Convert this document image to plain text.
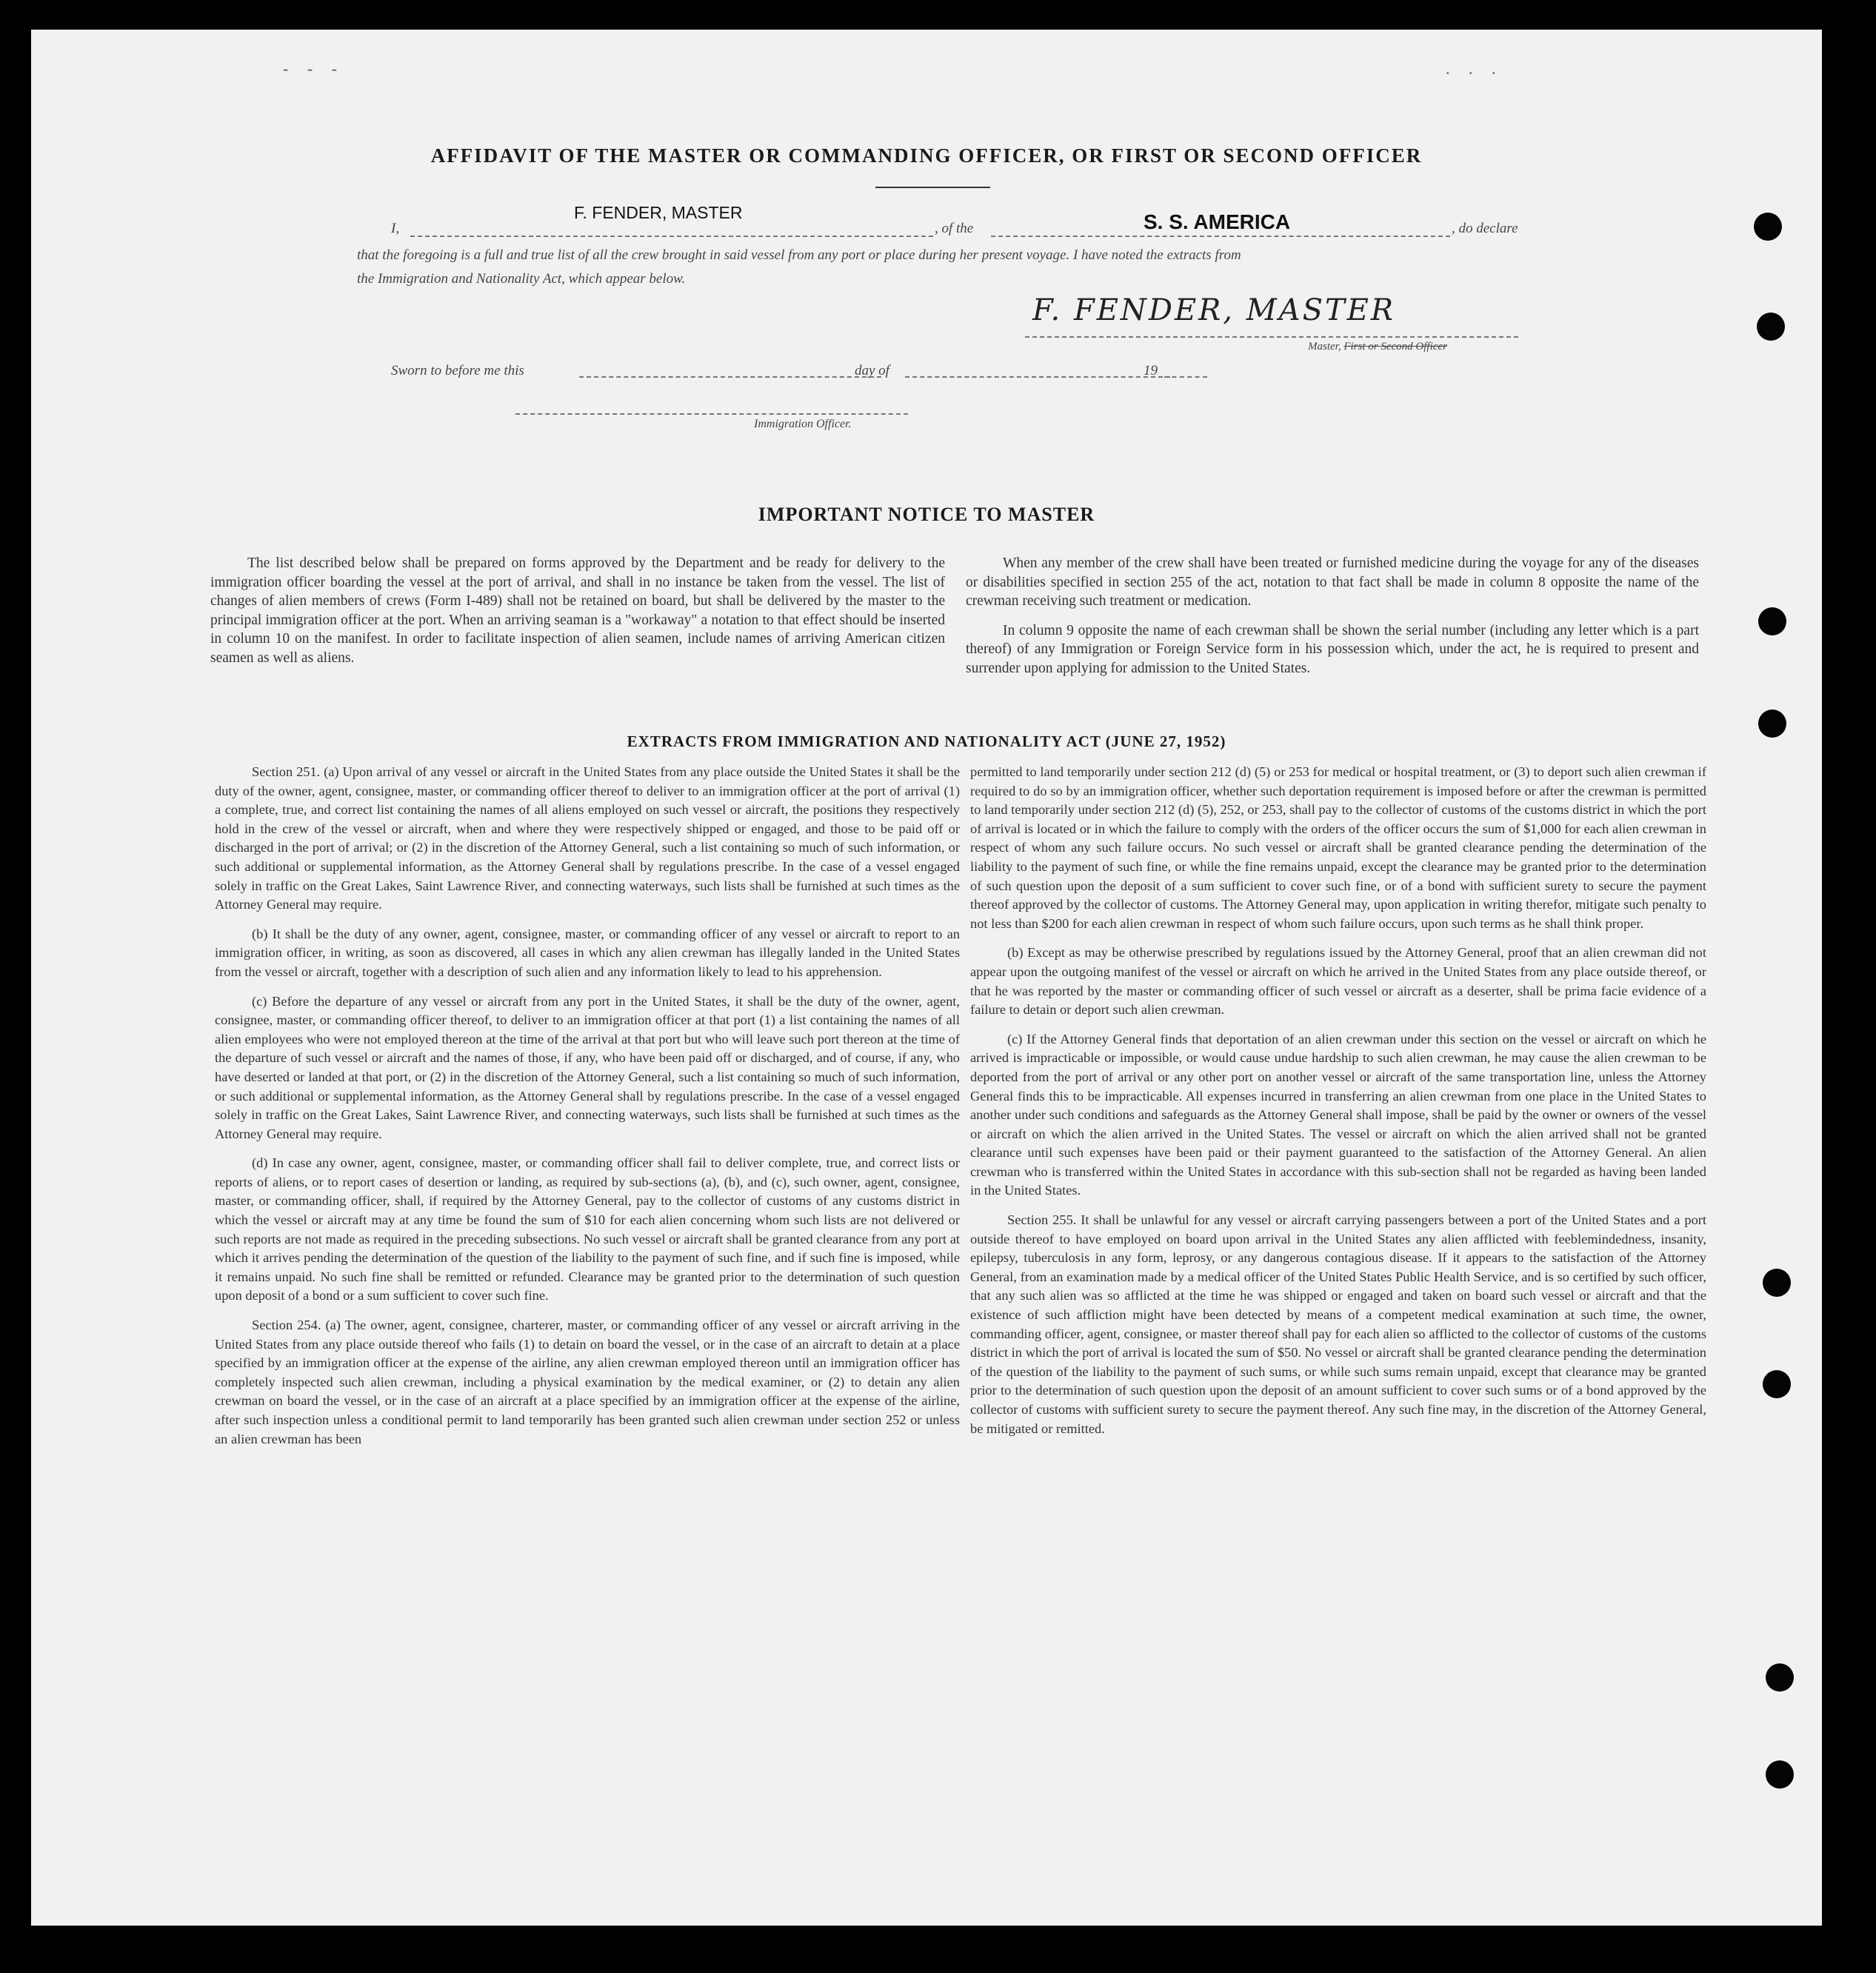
- - -	. . .
AFFIDAVIT OF THE MASTER OR COMMANDING OFFICER, OR FIRST OR SECOND OFFICER
I,
F. FENDER, MASTER
, of the	S. S. AMERICA	, do declare
that the foregoing is a full and true list of all the crew brought in said vessel from any port or place during her present voyage. I have noted the extracts from
the Immigration and Nationality Act, which appear below.
F. FENDER, MASTER
Master, First or Second Officer
Sworn to before me this	day of	19
Immigration Officer.
IMPORTANT NOTICE TO MASTER

The list described below shall be prepared on forms approved by the Department and be ready for delivery to the immigration officer boarding the vessel at the port of arrival, and shall in no instance be taken from the vessel. The list of changes of alien members of crews (Form I-489) shall not be retained on board, but shall be delivered by the master to the principal immigration officer at the port. When an arriving seaman is a "workaway" a notation to that effect should be inserted in column 10 on the manifest. In order to facilitate inspection of alien seamen, include names of arriving American citizen seamen as well as aliens.

When any member of the crew shall have been treated or furnished medicine during the voyage for any of the diseases or disabilities specified in section 255 of the act, notation to that fact shall be made in column 8 opposite the name of the crewman receiving such treatment or medication.

In column 9 opposite the name of each crewman shall be shown the serial number (including any letter which is a part thereof) of any Immigration or Foreign Service form in his possession which, under the act, he is required to present and surrender upon applying for admission to the United States.

EXTRACTS FROM IMMIGRATION AND NATIONALITY ACT (JUNE 27, 1952)

Section 251. (a) Upon arrival of any vessel or aircraft in the United States from any place outside the United States it shall be the duty of the owner, agent, consignee, master, or commanding officer thereof to deliver to an immigration officer at the port of arrival (1) a complete, true, and correct list containing the names of all aliens employed on such vessel or aircraft, the positions they respectively hold in the crew of the vessel or aircraft, when and where they were respectively shipped or engaged, and those to be paid off or discharged in the port of arrival; or (2) in the discretion of the Attorney General, such a list containing so much of such information, or such additional or supplemental information, as the Attorney General shall by regulations prescribe. In the case of a vessel engaged solely in traffic on the Great Lakes, Saint Lawrence River, and connecting waterways, such lists shall be furnished at such times as the Attorney General may require.

(b) It shall be the duty of any owner, agent, consignee, master, or commanding officer of any vessel or aircraft to report to an immigration officer, in writing, as soon as discovered, all cases in which any alien crewman has illegally landed in the United States from the vessel or aircraft, together with a description of such alien and any information likely to lead to his apprehension.

(c) Before the departure of any vessel or aircraft from any port in the United States, it shall be the duty of the owner, agent, consignee, master, or commanding officer thereof, to deliver to an immigration officer at that port (1) a list containing the names of all alien employees who were not employed thereon at the time of the arrival at that port but who will leave such port thereon at the time of the departure of such vessel or aircraft and the names of those, if any, who have been paid off or discharged, and of course, if any, who have deserted or landed at that port, or (2) in the discretion of the Attorney General, such a list containing so much of such information, or such additional or supplemental information, as the Attorney General shall by regulations prescribe. In the case of a vessel engaged solely in traffic on the Great Lakes, Saint Lawrence River, and connecting waterways, such lists shall be furnished at such times as the Attorney General may require.

(d) In case any owner, agent, consignee, master, or commanding officer shall fail to deliver complete, true, and correct lists or reports of aliens, or to report cases of desertion or landing, as required by sub-sections (a), (b), and (c), such owner, agent, consignee, master, or commanding officer, shall, if required by the Attorney General, pay to the collector of customs of any customs district in which the vessel or aircraft may at any time be found the sum of $10 for each alien concerning whom such lists are not delivered or such reports are not made as required in the preceding subsections. No such vessel or aircraft shall be granted clearance from any port at which it arrives pending the determination of the question of the liability to the payment of such fine, and if such fine is imposed, while it remains unpaid. No such fine shall be remitted or refunded. Clearance may be granted prior to the determination of such question upon deposit of a bond or a sum sufficient to cover such fine.

Section 254. (a) The owner, agent, consignee, charterer, master, or commanding officer of any vessel or aircraft arriving in the United States from any place outside thereof who fails (1) to detain on board the vessel, or in the case of an aircraft to detain at a place specified by an immigration officer at the expense of the airline, any alien crewman employed thereon until an immigration officer has completely inspected such alien crewman, including a physical examination by the medical examiner, or (2) to detain any alien crewman on board the vessel, or in the case of an aircraft at a place specified by an immigration officer at the expense of the airline, after such inspection unless a conditional permit to land temporarily has been granted such alien crewman under section 252 or unless an alien crewman has been

permitted to land temporarily under section 212 (d) (5) or 253 for medical or hospital treatment, or (3) to deport such alien crewman if required to do so by an immigration officer, whether such deportation requirement is imposed before or after the crewman is permitted to land temporarily under section 212 (d) (5), 252, or 253, shall pay to the collector of customs of the customs district in which the port of arrival is located or in which the failure to comply with the orders of the officer occurs the sum of $1,000 for each alien crewman in respect of whom any such failure occurs. No such vessel or aircraft shall be granted clearance pending the determination of the liability to the payment of such fine, or while the fine remains unpaid, except the clearance may be granted prior to the determination of such question upon the deposit of a sum sufficient to cover such fine, or of a bond with sufficient surety to secure the payment thereof approved by the collector of customs. The Attorney General may, upon application in writing therefor, mitigate such penalty to not less than $200 for each alien crewman in respect of whom such failure occurs, upon such terms as he shall think proper.

(b) Except as may be otherwise prescribed by regulations issued by the Attorney General, proof that an alien crewman did not appear upon the outgoing manifest of the vessel or aircraft on which he arrived in the United States from any place outside thereof, or that he was reported by the master or commanding officer of such vessel or aircraft as a deserter, shall be prima facie evidence of a failure to detain or deport such alien crewman.

(c) If the Attorney General finds that deportation of an alien crewman under this section on the vessel or aircraft on which he arrived is impracticable or impossible, or would cause undue hardship to such alien crewman, he may cause the alien crewman to be deported from the port of arrival or any other port on another vessel or aircraft of the same transportation line, unless the Attorney General finds this to be impracticable. All expenses incurred in transferring an alien crewman from one place in the United States to another under such conditions and safeguards as the Attorney General shall impose, shall be paid by the owner or owners of the vessel or aircraft on which the alien arrived in the United States. The vessel or aircraft on which the alien arrived shall not be granted clearance until such expenses have been paid or their payment guaranteed to the satisfaction of the Attorney General. An alien crewman who is transferred within the United States in accordance with this sub-section shall not be regarded as having been landed in the United States.

Section 255. It shall be unlawful for any vessel or aircraft carrying passengers between a port of the United States and a port outside thereof to have employed on board upon arrival in the United States any alien afflicted with feeblemindedness, insanity, epilepsy, tuberculosis in any form, leprosy, or any dangerous contagious disease. If it appears to the satisfaction of the Attorney General, from an examination made by a medical officer of the United States Public Health Service, and is so certified by such officer, that any such alien was so afflicted at the time he was shipped or engaged and taken on board such vessel or aircraft and that the existence of such affliction might have been detected by means of a competent medical examination at such time, the owner, commanding officer, agent, consignee, or master thereof shall pay for each alien so afflicted to the collector of customs of the customs district in which the port of arrival is located the sum of $50. No vessel or aircraft shall be granted clearance pending the determination of the question of the liability to the payment of such sums, or while such sums remain unpaid, except that clearance may be granted prior to the determination of such question upon the deposit of an amount sufficient to cover such sums or of a bond approved by the collector of customs with sufficient surety to secure the payment thereof. Any such fine may, in the discretion of the Attorney General, be mitigated or remitted.
